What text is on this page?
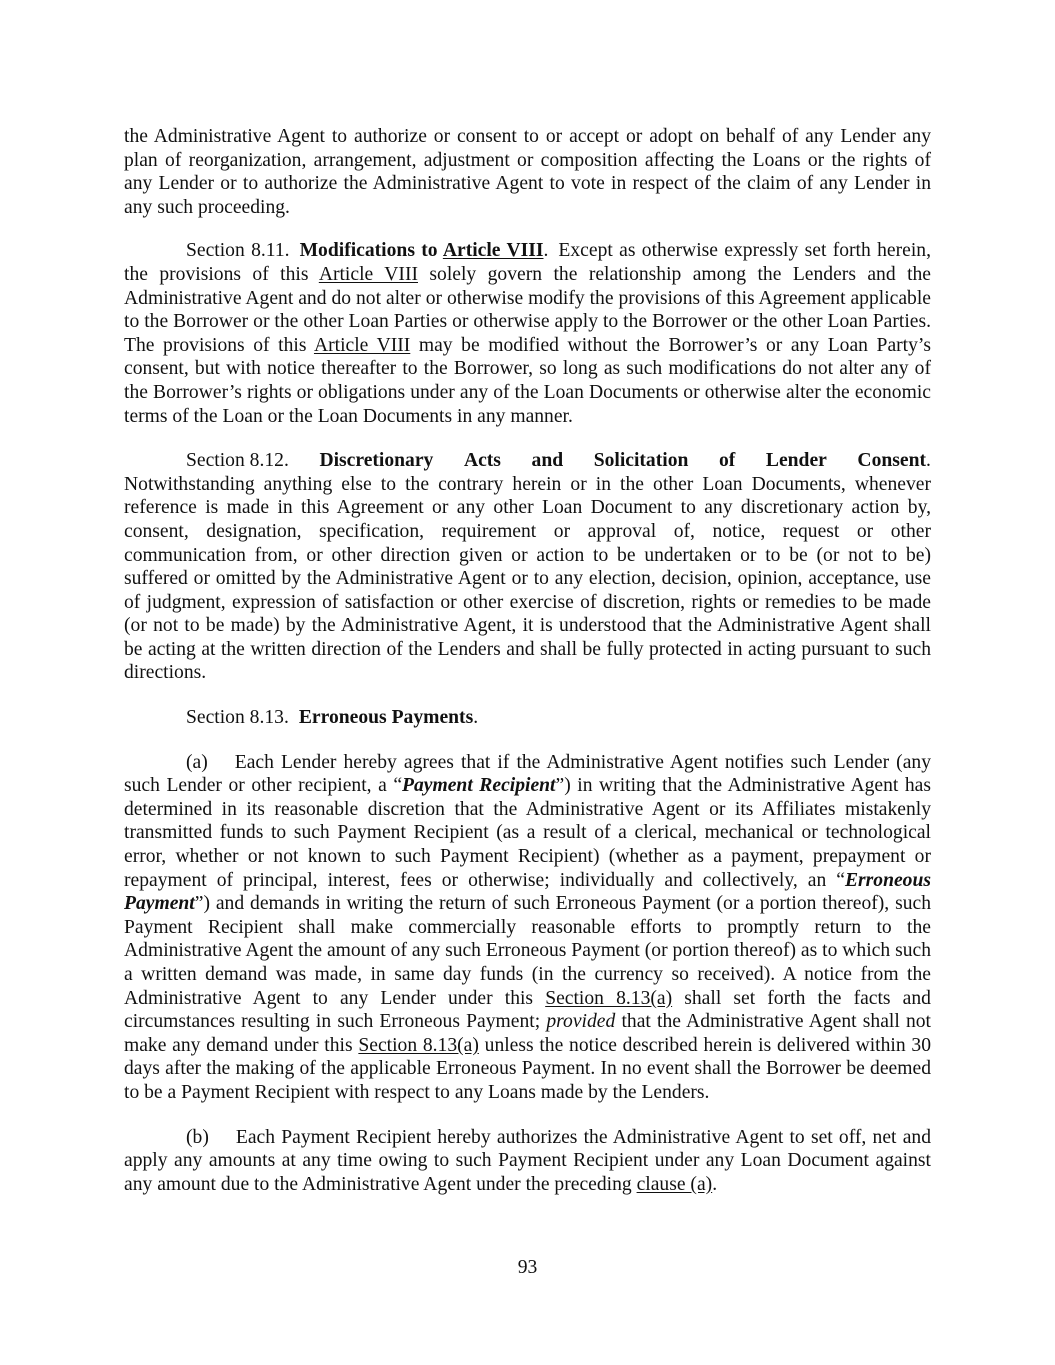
the Administrative Agent to authorize or consent to or accept or adopt on behalf of any Lender any plan of reorganization, arrangement, adjustment or composition affecting the Loans or the rights of any Lender or to authorize the Administrative Agent to vote in respect of the claim of any Lender in any such proceeding.

Section 8.11. Modifications to Article VIII. Except as otherwise expressly set forth herein, the provisions of this Article VIII solely govern the relationship among the Lenders and the Administrative Agent and do not alter or otherwise modify the provisions of this Agreement applicable to the Borrower or the other Loan Parties or otherwise apply to the Borrower or the other Loan Parties. The provisions of this Article VIII may be modified without the Borrower’s or any Loan Party’s consent, but with notice thereafter to the Borrower, so long as such modifications do not alter any of the Borrower’s rights or obligations under any of the Loan Documents or otherwise alter the economic terms of the Loan or the Loan Documents in any manner.

Section 8.12. Discretionary Acts and Solicitation of Lender Consent.

Notwithstanding anything else to the contrary herein or in the other Loan Documents, whenever reference is made in this Agreement or any other Loan Document to any discretionary action by, consent, designation, specification, requirement or approval of, notice, request or other communication from, or other direction given or action to be undertaken or to be (or not to be) suffered or omitted by the Administrative Agent or to any election, decision, opinion, acceptance, use of judgment, expression of satisfaction or other exercise of discretion, rights or remedies to be made (or not to be made) by the Administrative Agent, it is understood that the Administrative Agent shall be acting at the written direction of the Lenders and shall be fully protected in acting pursuant to such directions.

Section 8.13. Erroneous Payments.

(a) Each Lender hereby agrees that if the Administrative Agent notifies such Lender (any such Lender or other recipient, a “Payment Recipient”) in writing that the Administrative Agent has determined in its reasonable discretion that the Administrative Agent or its Affiliates mistakenly transmitted funds to such Payment Recipient (as a result of a clerical, mechanical or technological error, whether or not known to such Payment Recipient) (whether as a payment, prepayment or repayment of principal, interest, fees or otherwise; individually and collectively, an “Erroneous Payment”) and demands in writing the return of such Erroneous Payment (or a portion thereof), such Payment Recipient shall make commercially reasonable efforts to promptly return to the Administrative Agent the amount of any such Erroneous Payment (or portion thereof) as to which such a written demand was made, in same day funds (in the currency so received). A notice from the Administrative Agent to any Lender under this Section 8.13(a) shall set forth the facts and circumstances resulting in such Erroneous Payment; provided that the Administrative Agent shall not make any demand under this Section 8.13(a) unless the notice described herein is delivered within 30 days after the making of the applicable Erroneous Payment. In no event shall the Borrower be deemed to be a Payment Recipient with respect to any Loans made by the Lenders.

(b) Each Payment Recipient hereby authorizes the Administrative Agent to set off, net and apply any amounts at any time owing to such Payment Recipient under any Loan Document against any amount due to the Administrative Agent under the preceding clause (a).

93
